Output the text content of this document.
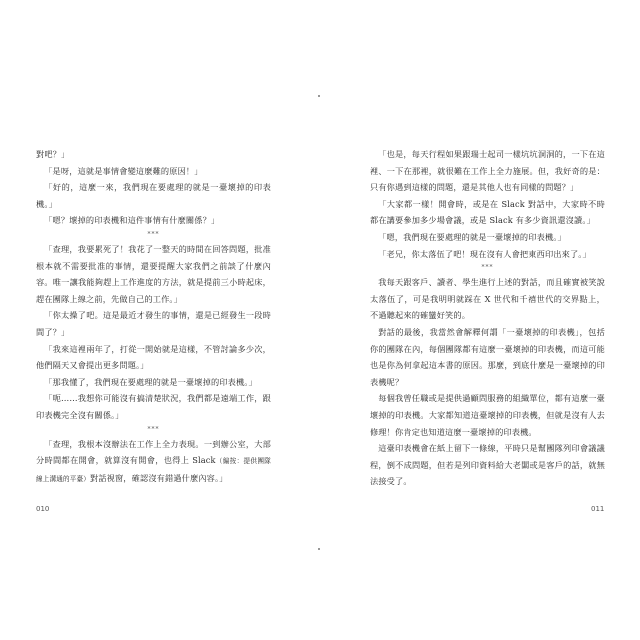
對吧？」

「是呀，這就是事情會變這麼難的原因！」

「好的，這麼一來，我們現在要處理的就是一臺壞掉的印表機。」

「嗯？壞掉的印表機和這件事情有什麼關係？」

***

「查理，我要累死了！我花了一整天的時間在回答問題，批准根本就不需要批准的事情，還要提醒大家我們之前談了什麼內容。唯一讓我能夠趕上工作進度的方法，就是提前三小時起床，趕在團隊上線之前，先做自己的工作。」

「你太操了吧。這是最近才發生的事情，還是已經發生一段時間了？」

「我來這裡兩年了，打從一開始就是這樣，不管討論多少次，他們隔天又會提出更多問題。」

「那我懂了，我們現在要處理的就是一臺壞掉的印表機。」

「呃……我想你可能沒有搞清楚狀況，我們都是遠端工作，跟印表機完全沒有關係。」

***

「查理，我根本沒辦法在工作上全力表現。一到辦公室，大部分時間都在開會，就算沒有開會，也得上 Slack（編按：提供團隊線上溝通的平臺）對話視窗，確認沒有錯過什麼內容。」

「也是，每天行程如果跟瑞士起司一樣坑坑洞洞的，一下在這裡、一下在那裡，就很難在工作上全力施展。但，我好奇的是：只有你遇到這樣的問題，還是其他人也有同樣的問題？」

「大家都一樣！開會時，或是在 Slack 對話中，大家時不時都在講要參加多少場會議，或是 Slack 有多少資訊還沒讀。」

「嗯，我們現在要處理的就是一臺壞掉的印表機。」

「老兄，你太落伍了吧！現在沒有人會把東西印出來了。」

***

我每天跟客戶、讀者、學生進行上述的對話，而且確實被笑說太落伍了，可是我明明就踩在 X 世代和千禧世代的交界點上，不過聽起來的確蠻好笑的。

對話的最後，我當然會解釋何謂「一臺壞掉的印表機」，包括你的團隊在內，每個團隊都有這麼一臺壞掉的印表機，而這可能也是你為何拿起這本書的原因。那麼，到底什麼是一臺壞掉的印表機呢？

每個我曾任職或是提供過顧問服務的組織單位，都有這麼一臺壞掉的印表機。大家都知道這臺壞掉的印表機，但就是沒有人去修理！你肯定也知道這麼一臺壞掉的印表機。

這臺印表機會在紙上留下一條線，平時只是幫團隊列印會議議程，倒不成問題，但若是列印資料給大老闆或是客戶的話，就無法接受了。

010	011
